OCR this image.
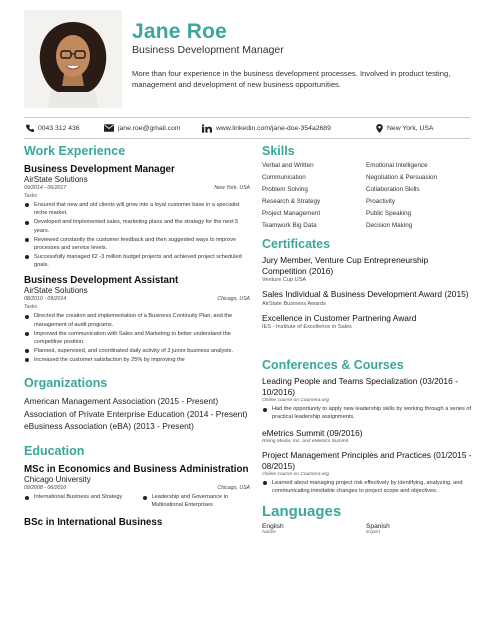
Jane Roe
Business Development Manager
More than four experience in the business development processes. Involved in product testing, management and development of new business opportunities.
0043 312 436	jane.roe@gmail.com	www.linkedin.com/jane-doe-354a2689	New York, USA
Work Experience
Business Development Manager
AirState Solutions
09/2014 - 06/2017	New York, USA
Tasks
Ensured that new and old clients will grow into a loyal customer base in a specialist niche market.
Developed and implemented sales, marketing plans and the strategy for the next 5 years.
Reviewed constantly the customer feedback and then suggested ways to improve processes and service levels.
Successfully managed €2 -3 million budget projects and achieved project scheduled goals.
Business Development Assistant
AirState Solutions
08/2010 - 09/2014	Chicago, USA
Tasks
Directed the creation and implementation of a Business Continuity Plan, and the management of audit programs.
Improved the communication with Sales and Marketing to better understand the competitive position.
Planned, supervised, and coordinated daily activity of 3 junior business analysts.
Increased the customer satisfaction by 25% by improving the
Organizations
American Management Association (2015 - Present)
Association of Private Enterprise Education (2014 - Present)
eBusiness Association (eBA) (2013 - Present)
Education
MSc in Economics and Business Administration
Chicago University
09/2008 - 06/2010	Chicago, USA
International Business and Strategy	Leadership and Governance in Multinational Enterprises
BSc in International Business
Skills
Verbal and Written	Emotional Intelligence
Communication	Negotiation & Persuasion
Problem Solving	Collaboration Skills
Research & Strategy	Proactivity
Project Management	Public Speaking
Teamwork Big Data	Decision Making
Certificates
Jury Member, Venture Cup Entrepreneurship Competition (2016)
Venture Cup USA
Sales Individual & Business Development Award (2015)
AirState Business Awards
Excellence in Customer Partnering Award
IES - Institute of Excellence in Sales
Conferences & Courses
Leading People and Teams Specialization (03/2016 - 10/2016)
Online course on Coursera.org
Had the opportunity to apply new leadership skills by working through a series of practical leadership assignments.
eMetrics Summit (09/2016)
Rising Media, Inc. and eMetrics Summit
Project Management Principles and Practices (01/2015 - 08/2015)
Online course on Coursera.org
Learned about managing project risk effectively by identifying, analyzing, and communicating inevitable changes to project scope and objectives.
Languages
English
Native
Spanish
Expert
